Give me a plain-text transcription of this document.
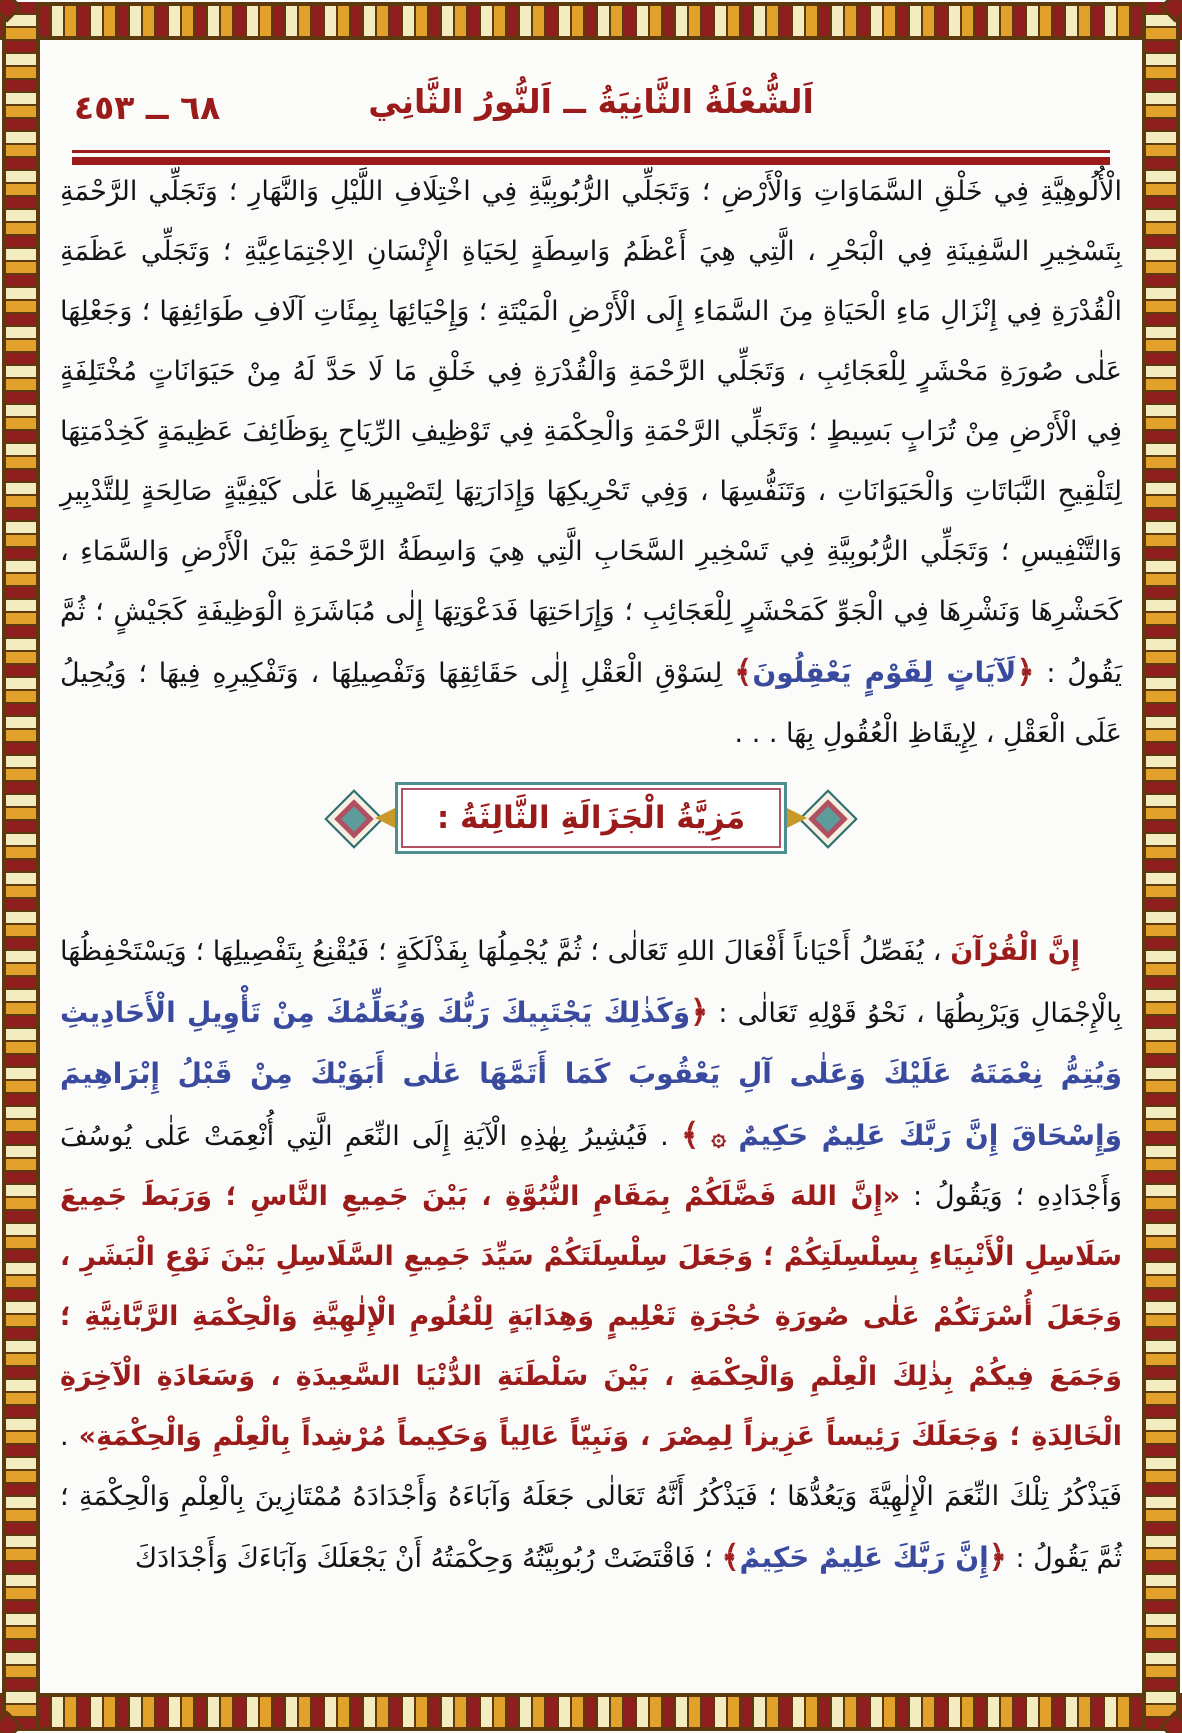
٦٨ ــ ٤٥٣	اَلشُّعْلَةُ الثَّانِيَةُ ــ اَلنُّورُ الثَّانِي

الْأُلُوهِيَّةِ فِي خَلْقِ السَّمَاوَاتِ وَالْأَرْضِ ؛ وَتَجَلِّي الرُّبُوبِيَّةِ فِي اخْتِلَافِ اللَّيْلِ وَالنَّهَارِ ؛ وَتَجَلِّي الرَّحْمَةِ بِتَسْخِيرِ السَّفِينَةِ فِي الْبَحْرِ ، الَّتِي هِيَ أَعْظَمُ وَاسِطَةٍ لِحَيَاةِ الْإِنْسَانِ الِاجْتِمَاعِيَّةِ ؛ وَتَجَلِّي عَظَمَةِ الْقُدْرَةِ فِي إِنْزَالِ مَاءِ الْحَيَاةِ مِنَ السَّمَاءِ إِلَى الْأَرْضِ الْمَيْتَةِ ؛ وَإِحْيَائِهَا بِمِئَاتِ آلَافِ طَوَائِفِهَا ؛ وَجَعْلِهَا عَلٰى صُورَةِ مَحْشَرٍ لِلْعَجَائِبِ ، وَتَجَلِّي الرَّحْمَةِ وَالْقُدْرَةِ فِي خَلْقِ مَا لَا حَدَّ لَهُ مِنْ حَيَوَانَاتٍ مُخْتَلِفَةٍ فِي الْأَرْضِ مِنْ تُرَابٍ بَسِيطٍ ؛ وَتَجَلِّي الرَّحْمَةِ وَالْحِكْمَةِ فِي تَوْظِيفِ الرِّيَاحِ بِوَظَائِفَ عَظِيمَةٍ كَخِدْمَتِهَا لِتَلْقِيحِ النَّبَاتَاتِ وَالْحَيَوَانَاتِ ، وَتَنَفُّسِهَا ، وَفِي تَحْرِيكِهَا وَإِدَارَتِهَا لِتَصْيِيرِهَا عَلٰى كَيْفِيَّةٍ صَالِحَةٍ لِلتَّدْبِيرِ وَالتَّنْفِيسِ ؛ وَتَجَلِّي الرُّبُوبِيَّةِ فِي تَسْخِيرِ السَّحَابِ الَّتِي هِيَ وَاسِطَةُ الرَّحْمَةِ بَيْنَ الْأَرْضِ وَالسَّمَاءِ ، كَحَشْرِهَا وَنَشْرِهَا فِي الْجَوِّ كَمَحْشَرٍ لِلْعَجَائِبِ ؛ وَإِرَاحَتِهَا فَدَعْوَتِهَا إِلٰى مُبَاشَرَةِ الْوَظِيفَةِ كَجَيْشٍ ؛ ثُمَّ يَقُولُ : ﴿لَآيَاتٍ لِقَوْمٍ يَعْقِلُونَ﴾ لِسَوْقِ الْعَقْلِ إِلٰى حَقَائِقِهَا وَتَفْصِيلِهَا ، وَتَفْكِيرِهِ فِيهَا ؛ وَيُحِيلُ عَلَى الْعَقْلِ ، لِإِيقَاظِ الْعُقُولِ بِهَا . . .

إِنَّ الْقُرْآنَ ، يُفَصِّلُ أَحْيَاناً أَفْعَالَ اللهِ تَعَالٰى ؛ ثُمَّ يُجْمِلُهَا بِفَذْلَكَةٍ ؛ فَيُقْنِعُ بِتَفْصِيلِهَا ؛ وَيَسْتَحْفِظُهَا بِالْإِجْمَالِ وَيَرْبِطُهَا ، نَحْوُ قَوْلِهِ تَعَالٰى : ﴿وَكَذٰلِكَ يَجْتَبِيكَ رَبُّكَ وَيُعَلِّمُكَ مِنْ تَأْوِيلِ الْأَحَادِيثِ وَيُتِمُّ نِعْمَتَهُ عَلَيْكَ وَعَلٰى آلِ يَعْقُوبَ كَمَا أَتَمَّهَا عَلٰى أَبَوَيْكَ مِنْ قَبْلُ إِبْرَاهِيمَ وَإِسْحَاقَ إِنَّ رَبَّكَ عَلِيمٌ حَكِيمٌ ۞ ﴾ . فَيُشِيرُ بِهٰذِهِ الْآيَةِ إِلَى النِّعَمِ الَّتِي أُنْعِمَتْ عَلٰى يُوسُفَ وَأَجْدَادِهِ ؛ وَيَقُولُ : «إِنَّ اللهَ فَضَّلَكُمْ بِمَقَامِ النُّبُوَّةِ ، بَيْنَ جَمِيعِ النَّاسِ ؛ وَرَبَطَ جَمِيعَ سَلَاسِلِ الْأَنْبِيَاءِ بِسِلْسِلَتِكُمْ ؛ وَجَعَلَ سِلْسِلَتَكُمْ سَيِّدَ جَمِيعِ السَّلَاسِلِ بَيْنَ نَوْعِ الْبَشَرِ ، وَجَعَلَ أُسْرَتَكُمْ عَلٰى صُورَةِ حُجْرَةِ تَعْلِيمٍ وَهِدَايَةٍ لِلْعُلُومِ الْإِلٰهِيَّةِ وَالْحِكْمَةِ الرَّبَّانِيَّةِ ؛ وَجَمَعَ فِيكُمْ بِذٰلِكَ الْعِلْمِ وَالْحِكْمَةِ ، بَيْنَ سَلْطَنَةِ الدُّنْيَا السَّعِيدَةِ ، وَسَعَادَةِ الْآخِرَةِ الْخَالِدَةِ ؛ وَجَعَلَكَ رَئِيساً عَزِيزاً لِمِصْرَ ، وَنَبِيّاً عَالِياً وَحَكِيماً مُرْشِداً بِالْعِلْمِ وَالْحِكْمَةِ» . فَيَذْكُرُ تِلْكَ النِّعَمَ الْإِلٰهِيَّةَ وَيَعُدُّهَا ؛ فَيَذْكُرُ أَنَّهُ تَعَالٰى جَعَلَهُ وَآبَاءَهُ وَأَجْدَادَهُ مُمْتَازِينَ بِالْعِلْمِ وَالْحِكْمَةِ ؛ ثُمَّ يَقُولُ : ﴿إِنَّ رَبَّكَ عَلِيمٌ حَكِيمٌ﴾ ؛ فَاقْتَضَتْ رُبُوبِيَّتُهُ وَحِكْمَتُهُ أَنْ يَجْعَلَكَ وَآبَاءَكَ وَأَجْدَادَكَ

مَزِيَّةُ الْجَزَالَةِ الثَّالِثَةُ :
